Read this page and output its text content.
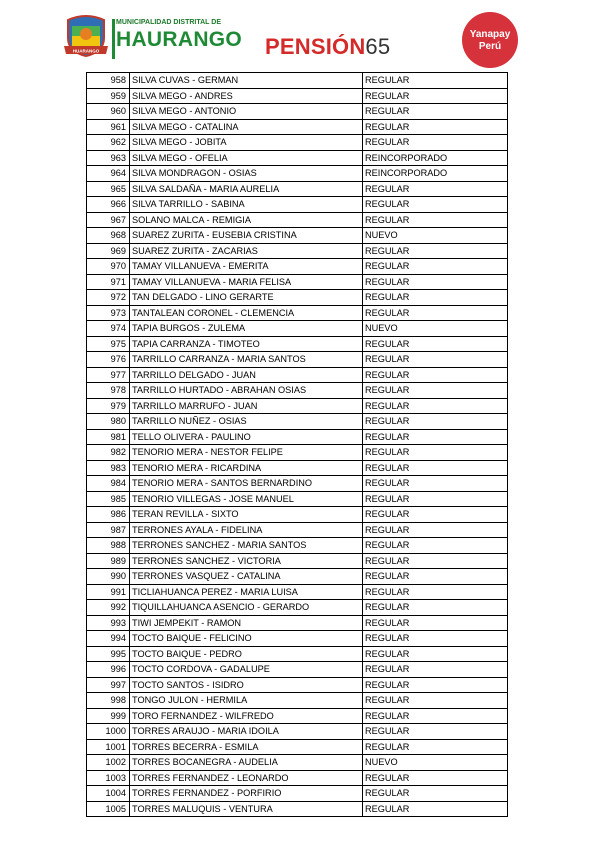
HUARANGO
MUNICIPALIDAD DISTRITAL DE
HAURANGO PENSIÓN65	Yanapay
Perú
958	SILVA CUVAS - GERMAN	REGULAR
959	SILVA MEGO - ANDRES	REGULAR
960	SILVA MEGO - ANTONIO	REGULAR
961	SILVA MEGO - CATALINA	REGULAR
962	SILVA MEGO - JOBITA	REGULAR
963	SILVA MEGO - OFELIA	REINCORPORADO
964	SILVA MONDRAGON - OSIAS	REINCORPORADO
965	SILVA SALDAÑA - MARIA AURELIA	REGULAR
966	SILVA TARRILLO - SABINA	REGULAR
967	SOLANO MALCA - REMIGIA	REGULAR
968	SUAREZ ZURITA - EUSEBIA CRISTINA	NUEVO
969	SUAREZ ZURITA - ZACARIAS	REGULAR
970	TAMAY VILLANUEVA - EMERITA	REGULAR
971	TAMAY VILLANUEVA - MARIA FELISA	REGULAR
972	TAN DELGADO - LINO GERARTE	REGULAR
973	TANTALEAN CORONEL - CLEMENCIA	REGULAR
974	TAPIA BURGOS - ZULEMA	NUEVO
975	TAPIA CARRANZA - TIMOTEO	REGULAR
976	TARRILLO CARRANZA - MARIA SANTOS	REGULAR
977	TARRILLO DELGADO - JUAN	REGULAR
978	TARRILLO HURTADO - ABRAHAN OSIAS	REGULAR
979	TARRILLO MARRUFO - JUAN	REGULAR
980	TARRILLO NUÑEZ - OSIAS	REGULAR
981	TELLO OLIVERA - PAULINO	REGULAR
982	TENORIO MERA - NESTOR FELIPE	REGULAR
983	TENORIO MERA - RICARDINA	REGULAR
984	TENORIO MERA - SANTOS BERNARDINO	REGULAR
985	TENORIO VILLEGAS - JOSE MANUEL	REGULAR
986	TERAN REVILLA - SIXTO	REGULAR
987	TERRONES AYALA - FIDELINA	REGULAR
988	TERRONES SANCHEZ - MARIA SANTOS	REGULAR
989	TERRONES SANCHEZ - VICTORIA	REGULAR
990	TERRONES VASQUEZ - CATALINA	REGULAR
991	TICLIAHUANCA PEREZ - MARIA LUISA	REGULAR
992	TIQUILLAHUANCA ASENCIO - GERARDO	REGULAR
993	TIWI JEMPEKIT - RAMON	REGULAR
994	TOCTO BAIQUE - FELICINO	REGULAR
995	TOCTO BAIQUE - PEDRO	REGULAR
996	TOCTO CORDOVA - GADALUPE	REGULAR
997	TOCTO SANTOS - ISIDRO	REGULAR
998	TONGO JULON - HERMILA	REGULAR
999	TORO FERNANDEZ - WILFREDO	REGULAR
1000	TORRES ARAUJO - MARIA IDOILA	REGULAR
1001	TORRES BECERRA - ESMILA	REGULAR
1002	TORRES BOCANEGRA - AUDELIA	NUEVO
1003	TORRES FERNANDEZ - LEONARDO	REGULAR
1004	TORRES FERNANDEZ - PORFIRIO	REGULAR
1005	TORRES MALUQUIS - VENTURA	REGULAR
